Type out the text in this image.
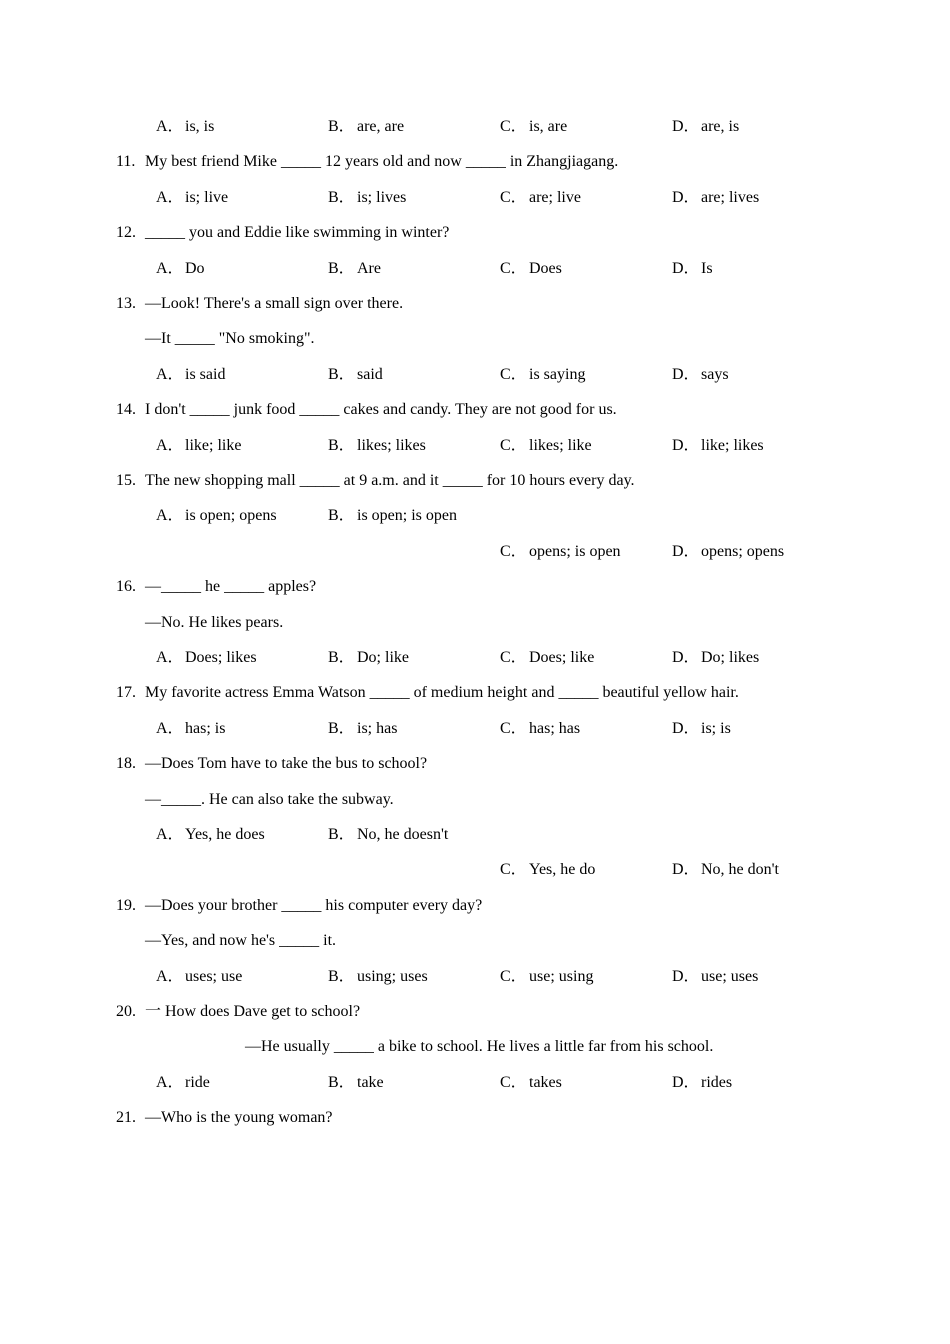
A．is, is	B． are, are	C． is, are	D．are, is
11. My best friend Mike _____ 12 years old and now _____ in Zhangjiagang.
A．is; live	B． is; lives	C． are; live	D．are; lives
12. _____ you and Eddie like swimming in winter?
A．Do	B． Are	C． Does	D．Is
13. —Look! There's a small sign over there.
—It _____ "No smoking".
A．is said	B． said	C． is saying	D．says
14. I don't _____ junk food _____ cakes and candy. They are not good for us.
A．like; like	B． likes; likes	C． likes; like	D．like; likes
15. The new shopping mall _____ at 9 a.m. and it _____ for 10 hours every day.
A．is open; opens	B． is open; is open
C． opens; is open	D．opens; opens
16. —_____ he _____ apples?
—No. He likes pears.
A．Does; likes	B． Do; like	C． Does; like	D．Do; likes
17. My favorite actress Emma Watson _____ of medium height and _____ beautiful yellow hair.
A．has; is	B． is; has	C． has; has	D．is; is
18. —Does Tom have to take the bus to school?
—_____. He can also take the subway.
A．Yes, he does	B． No, he doesn't
C． Yes, he do	D．No, he don't
19. —Does your brother _____ his computer every day?
—Yes, and now he's _____ it.
A．uses; use	B． using; uses	C． use; using	D．use; uses
20. 一 How does Dave get to school?
—He usually _____ a bike to school. He lives a little far from his school.
A．ride	B． take	C． takes	D．rides
21. —Who is the young woman?
